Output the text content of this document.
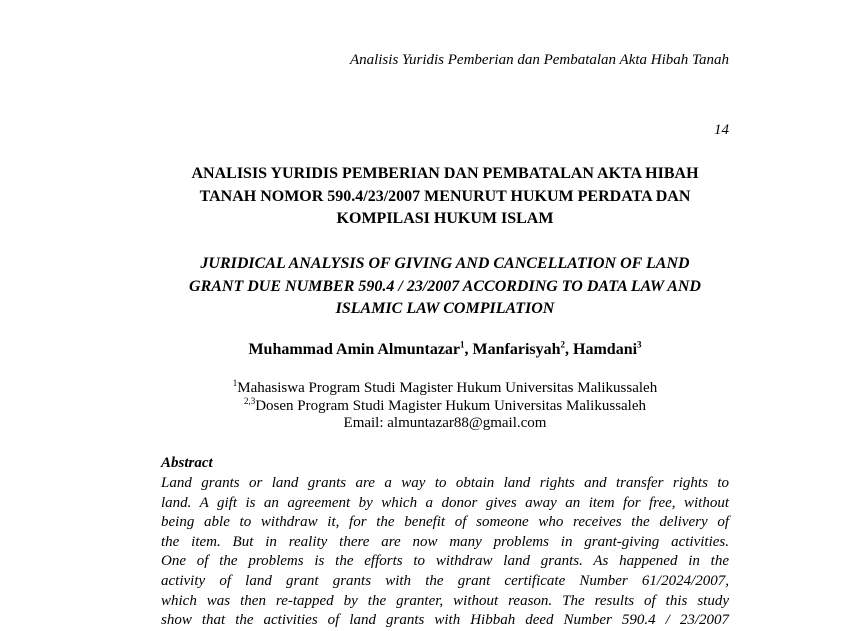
Analisis Yuridis Pemberian dan Pembatalan Akta Hibah Tanah
14
ANALISIS YURIDIS PEMBERIAN DAN PEMBATALAN AKTA HIBAH
TANAH NOMOR 590.4/23/2007 MENURUT HUKUM PERDATA DAN
KOMPILASI HUKUM ISLAM
JURIDICAL ANALYSIS OF GIVING AND CANCELLATION OF LAND
GRANT DUE NUMBER 590.4 / 23/2007 ACCORDING TO DATA LAW AND
ISLAMIC LAW COMPILATION
Muhammad Amin Almuntazar$^1$, Manfarisyah$^2$, Hamdani$^3$
$^1$Mahasiswa Program Studi Magister Hukum Universitas Malikussaleh
$^{2,3}$Dosen Program Studi Magister Hukum Universitas Malikussaleh
Email: almuntazar88@gmail.com
Abstract
Land grants or land grants are a way to obtain land rights and transfer rights to
land. A gift is an agreement by which a donor gives away an item for free, without
being able to withdraw it, for the benefit of someone who receives the delivery of
the item. But in reality there are now many problems in grant-giving activities.
One of the problems is the efforts to withdraw land grants. As happened in the
activity of land grant grants with the grant certificate Number 61/2024/2007,
which was then re-tapped by the granter, without reason. The results of this study
show that the activities of land grants with Hibbah deed Number 590.4 / 23/2007
